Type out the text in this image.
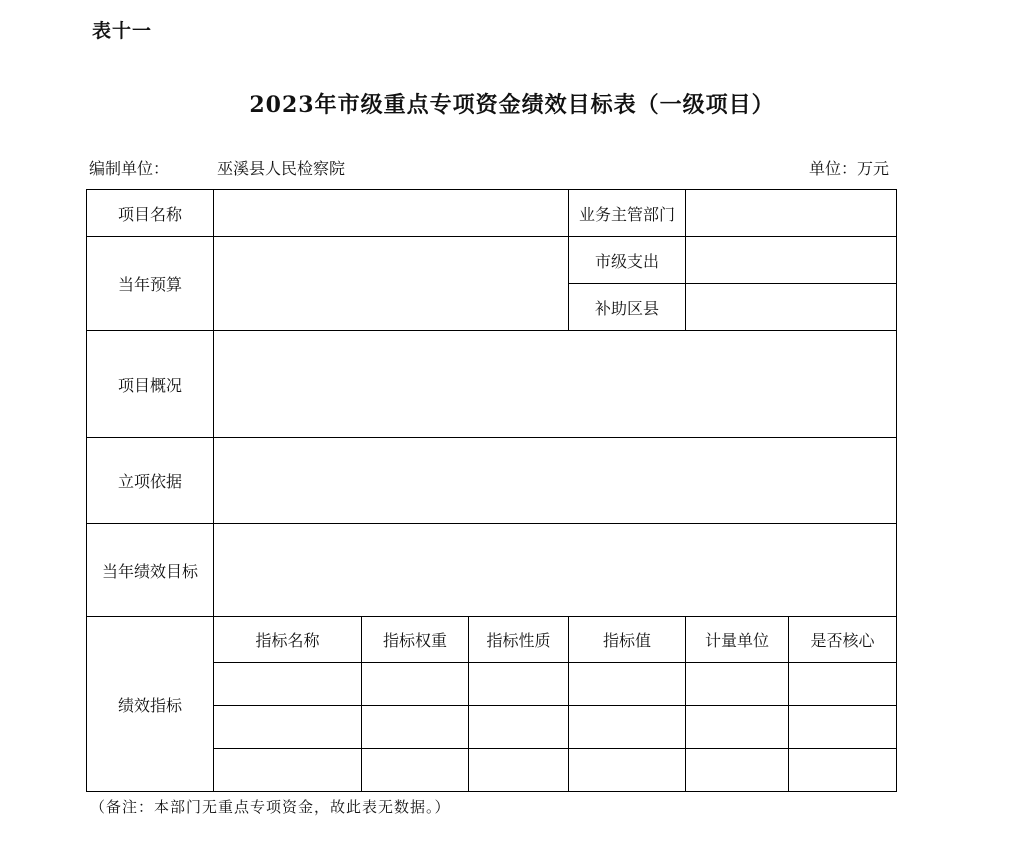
表十一
2023年市级重点专项资金绩效目标表（一级项目）
编制单位：	巫溪县人民检察院	单位：万元
项目名称				业务主管部门		
当年预算				市级支出		
				补助区县		
项目概况						
立项依据						
当年绩效目标						
绩效指标	指标名称	指标权重	指标性质	指标值	计量单位	是否核心

（备注：本部门无重点专项资金，故此表无数据。）
